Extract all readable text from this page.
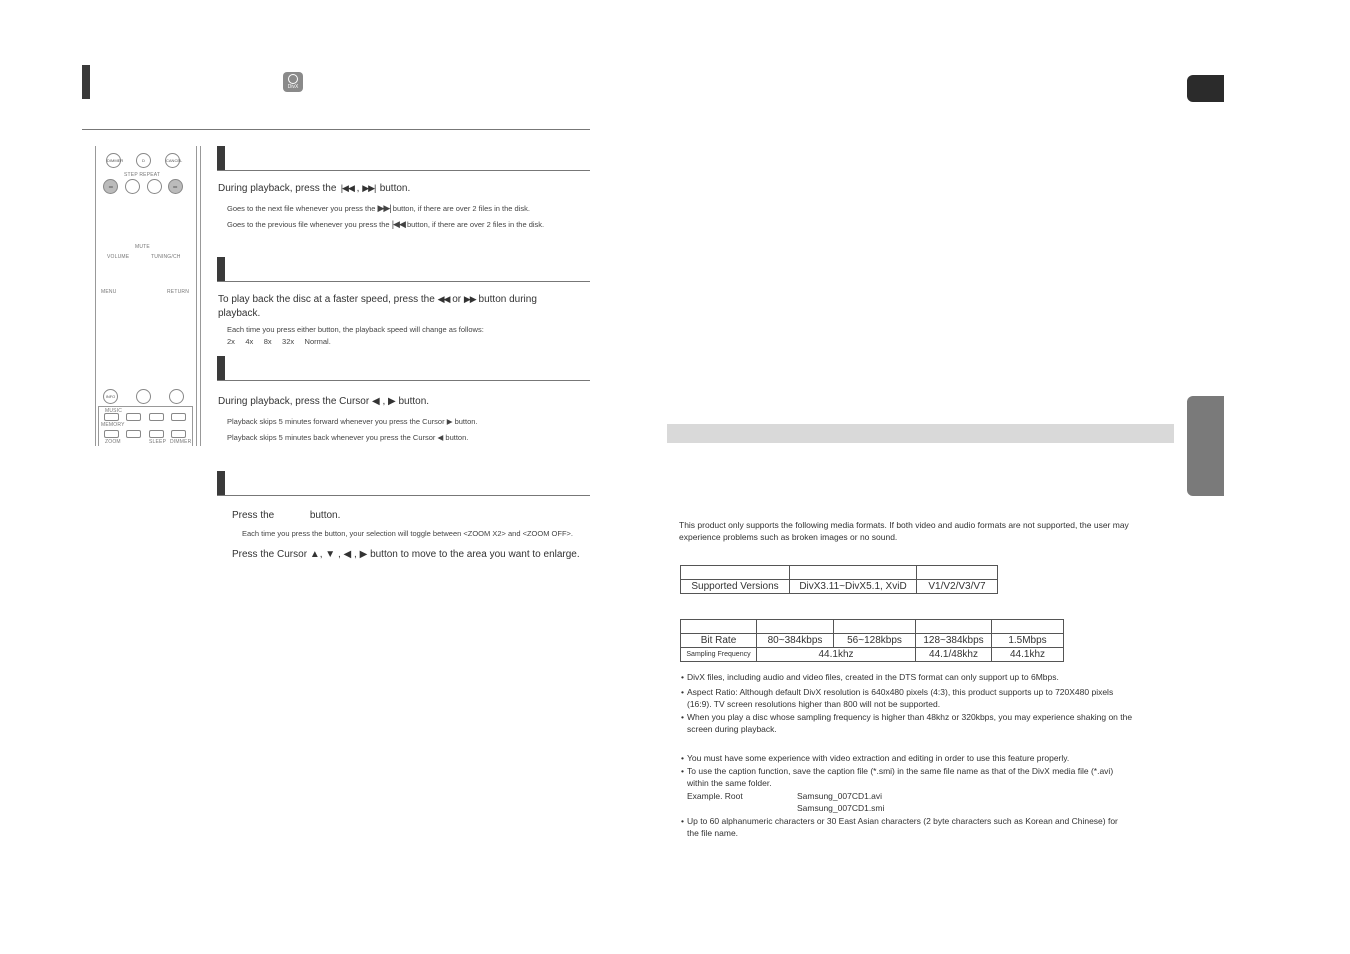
DivX
DIMMER	D	CANCEL
STEP REPEAT
◂◂	▸▸
MUTE
VOLUME	TUNING/CH
MENU	RETURN
INFO
MUSIC
MEMORY
ZOOM	SLEEP DIMMER
During playback, press the  |◀◀ , ▶▶|  button.
Goes to the next file whenever you press the ▶▶| button, if there are over 2 files in the disk.
Goes to the previous file whenever you press the |◀◀ button, if there are over 2 files in the disk.
To play back the disc at a faster speed, press the ◀◀ or ▶▶ button during
playback.
Each time you press either button, the playback speed will change as follows:
2x 4x 8x 32x Normal.
During playback, press the Cursor ◀ , ▶ button.
Playback skips 5 minutes forward whenever you press the Cursor ▶ button.
Playback skips 5 minutes back whenever you press the Cursor ◀ button.
Press the	button.
Each time you press the button, your selection will toggle between <ZOOM X2> and <ZOOM OFF>.
Press the Cursor ▲, ▼ , ◀ , ▶ button to move to the area you want to enlarge.
This product only supports the following media formats. If both video and audio formats are not supported, the user may
experience problems such as broken images or no sound.

Supported Versions	DivX3.11~DivX5.1, XviD	V1/V2/V3/V7

Bit Rate	80~384kbps	56~128kbps	128~384kbps	1.5Mbps
Sampling Frequency	44.1khz		44.1/48khz	44.1khz
• DivX files, including audio and video files, created in the DTS format can only support up to 6Mbps.
• Aspect Ratio: Although default DivX resolution is 640x480 pixels (4:3), this product supports up to 720X480 pixels
(16:9). TV screen resolutions higher than 800 will not be supported.
• When you play a disc whose sampling frequency is higher than 48khz or 320kbps, you may experience shaking on the
screen during playback.
• You must have some experience with video extraction and editing in order to use this feature properly.
• To use the caption function, save the caption file (*.smi) in the same file name as that of the DivX media file (*.avi)
within the same folder.
Example. Root	Samsung_007CD1.avi
Samsung_007CD1.smi
• Up to 60 alphanumeric characters or 30 East Asian characters (2 byte characters such as Korean and Chinese) for
the file name.
